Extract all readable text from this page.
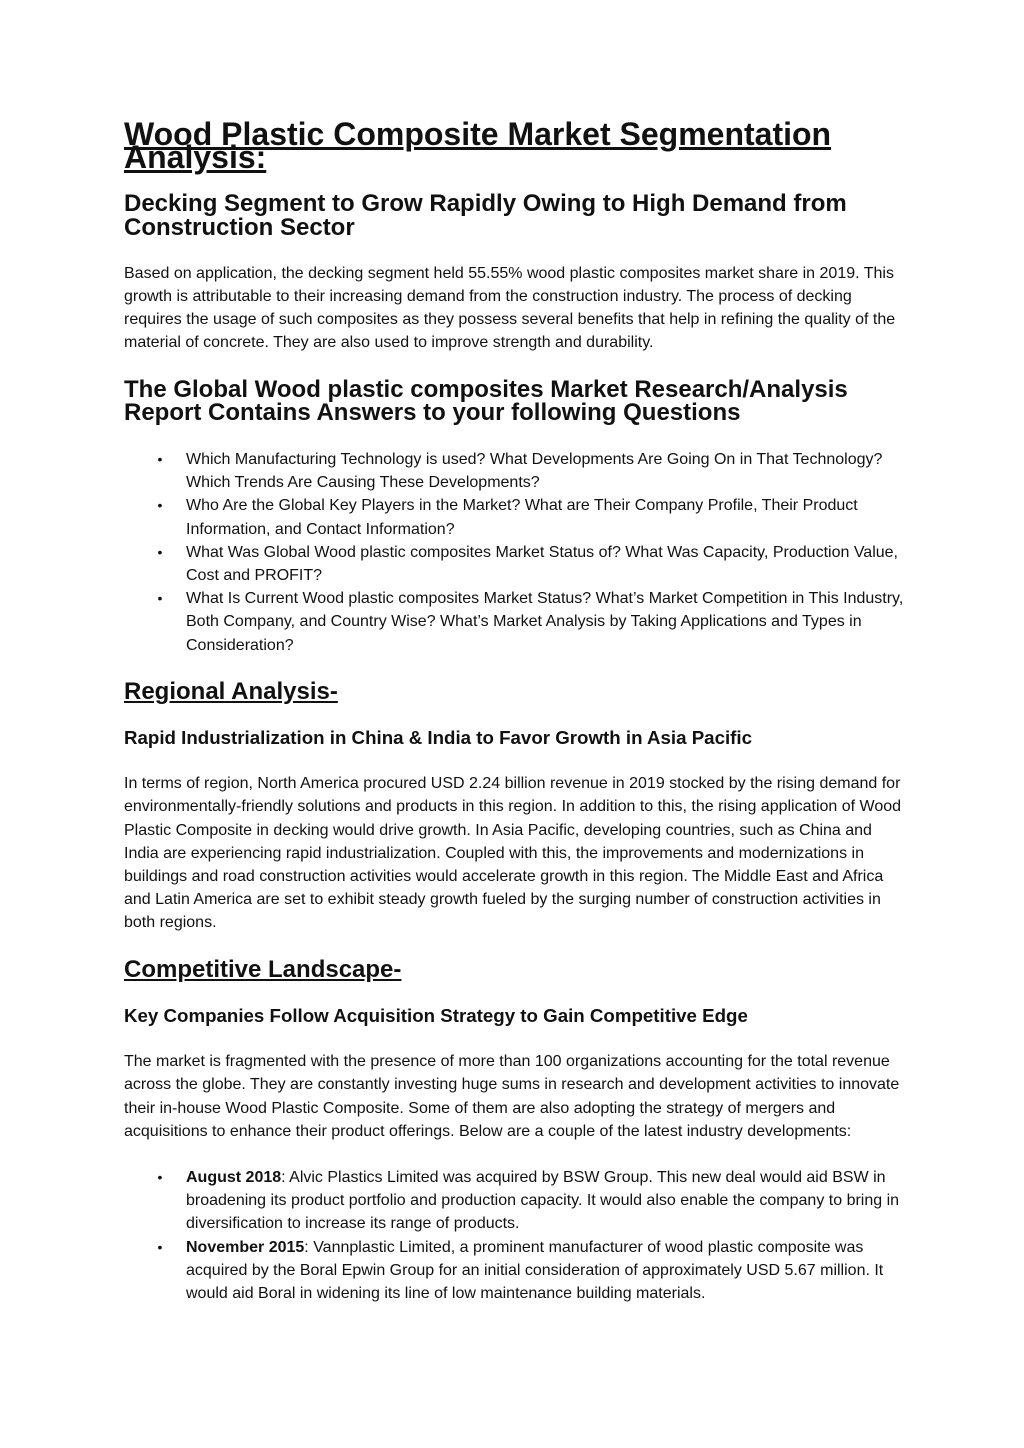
Wood Plastic Composite Market Segmentation Analysis:
Decking Segment to Grow Rapidly Owing to High Demand from Construction Sector

Based on application, the decking segment held 55.55% wood plastic composites market share in 2019. This growth is attributable to their increasing demand from the construction industry. The process of decking requires the usage of such composites as they possess several benefits that help in refining the quality of the material of concrete. They are also used to improve strength and durability.

The Global Wood plastic composites Market Research/Analysis Report Contains Answers to your following Questions
• Which Manufacturing Technology is used? What Developments Are Going On in That Technology? Which Trends Are Causing These Developments?
• Who Are the Global Key Players in the Market? What are Their Company Profile, Their Product Information, and Contact Information?
• What Was Global Wood plastic composites Market Status of? What Was Capacity, Production Value, Cost and PROFIT?
• What Is Current Wood plastic composites Market Status? What’s Market Competition in This Industry, Both Company, and Country Wise? What’s Market Analysis by Taking Applications and Types in Consideration?
Regional Analysis-
Rapid Industrialization in China & India to Favor Growth in Asia Pacific

In terms of region, North America procured USD 2.24 billion revenue in 2019 stocked by the rising demand for environmentally-friendly solutions and products in this region. In addition to this, the rising application of Wood Plastic Composite in decking would drive growth. In Asia Pacific, developing countries, such as China and India are experiencing rapid industrialization. Coupled with this, the improvements and modernizations in buildings and road construction activities would accelerate growth in this region. The Middle East and Africa and Latin America are set to exhibit steady growth fueled by the surging number of construction activities in both regions.

Competitive Landscape-
Key Companies Follow Acquisition Strategy to Gain Competitive Edge

The market is fragmented with the presence of more than 100 organizations accounting for the total revenue across the globe. They are constantly investing huge sums in research and development activities to innovate their in-house Wood Plastic Composite. Some of them are also adopting the strategy of mergers and acquisitions to enhance their product offerings. Below are a couple of the latest industry developments:

• August 2018: Alvic Plastics Limited was acquired by BSW Group. This new deal would aid BSW in broadening its product portfolio and production capacity. It would also enable the company to bring in diversification to increase its range of products.
• November 2015: Vannplastic Limited, a prominent manufacturer of wood plastic composite was acquired by the Boral Epwin Group for an initial consideration of approximately USD 5.67 million. It would aid Boral in widening its line of low maintenance building materials.
